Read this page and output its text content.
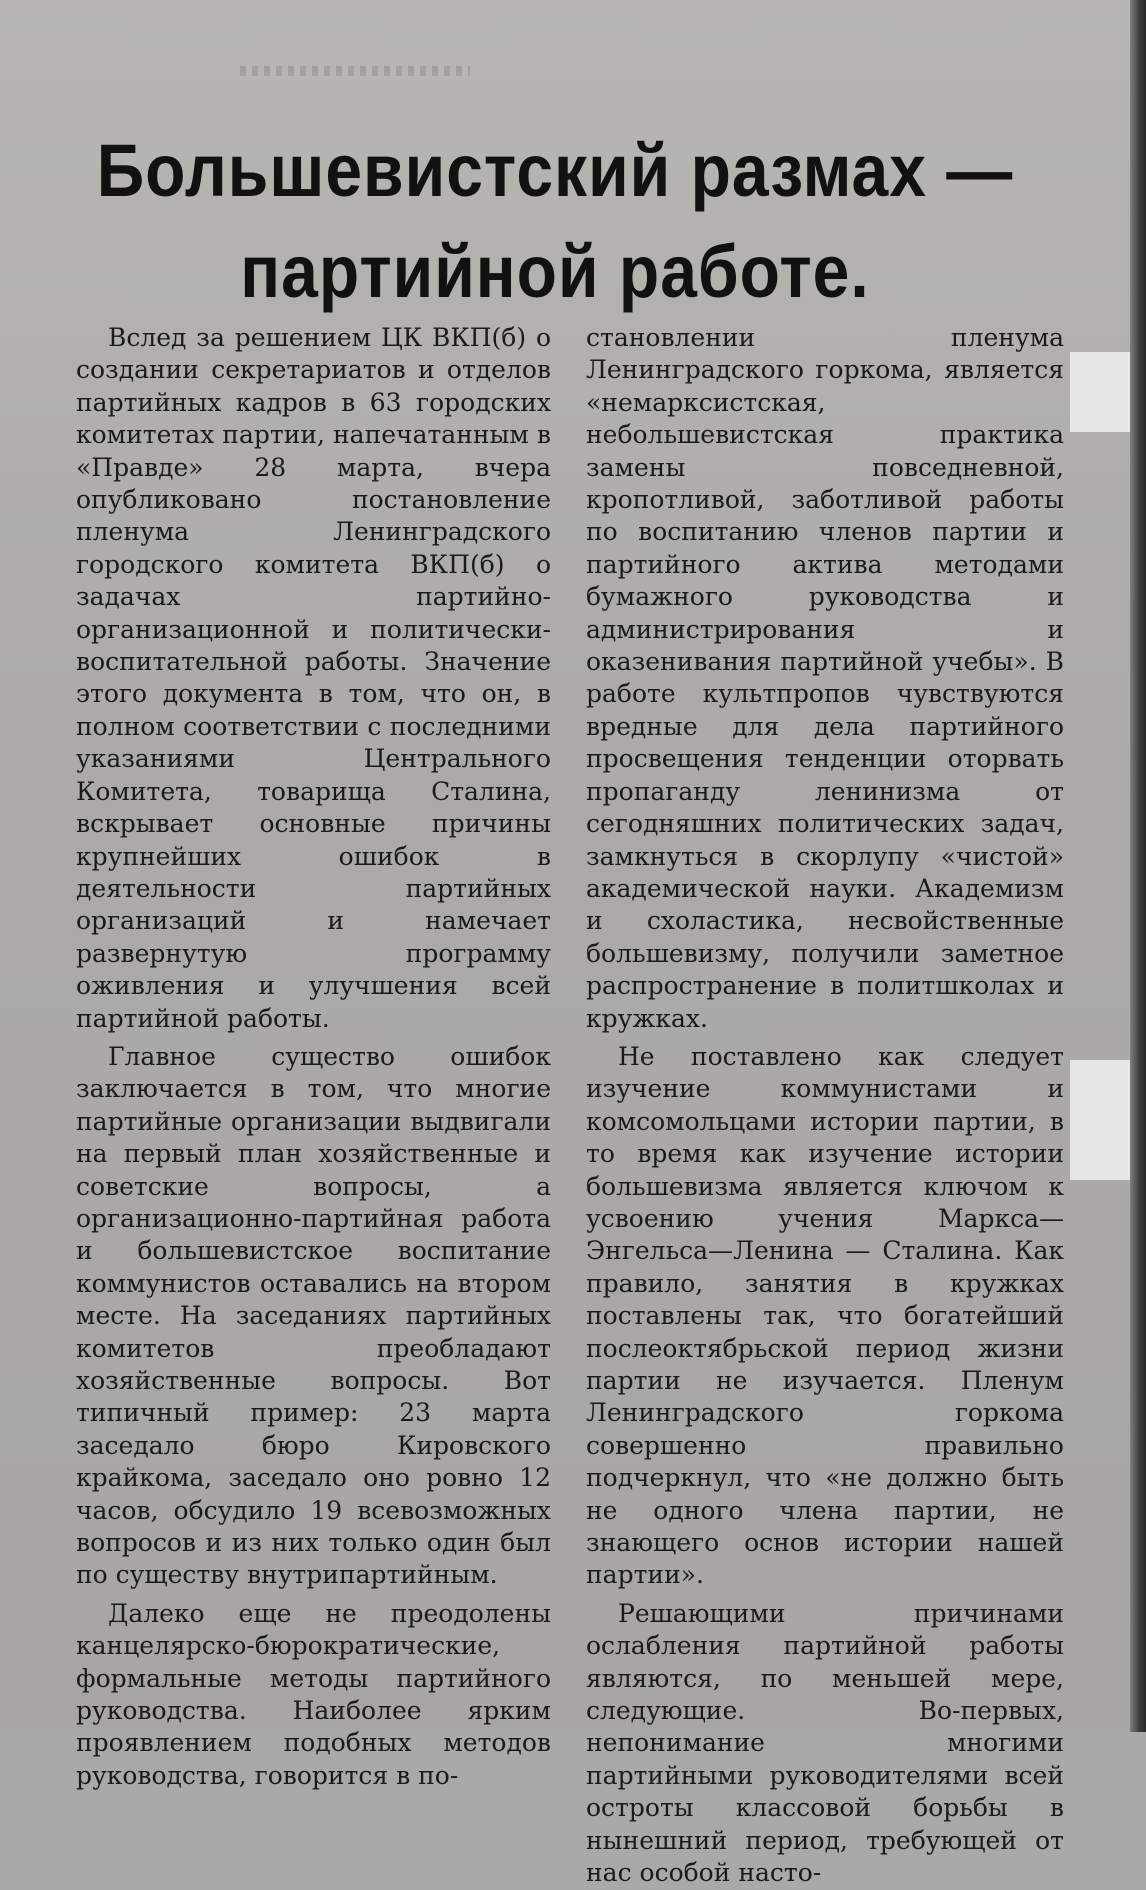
Большевистский размах —
партийной работе.

Вслед за решением ЦК ВКП(б) о создании секретариатов и отделов партийных кадров в 63 городских комитетах партии, напечатанным в «Правде» 28 марта, вчера опубликовано постановление пленума Ленинградского городского комитета ВКП(б) о задачах партийно-организационной и политически-воспитательной работы. Значение этого документа в том, что он, в полном соответствии с последними указаниями Центрального Комитета, товарища Сталина, вскрывает основные причины крупнейших ошибок в деятельности партийных организаций и намечает развернутую программу оживления и улучшения всей партийной работы.

Главное существо ошибок заключается в том, что многие партийные организации выдвигали на первый план хозяйственные и советские вопросы, а организационно-партийная работа и большевистское воспитание коммунистов оставались на втором месте. На заседаниях партийных комитетов преобладают хозяйственные вопросы. Вот типичный пример: 23 марта заседало бюро Кировского крайкома, заседало оно ровно 12 часов, обсудило 19 всевозможных вопросов и из них только один был по существу внутрипартийным.

Далеко еще не преодолены канцелярско-бюрократические, формальные методы партийного руководства. Наиболее ярким проявлением подобных методов руководства, говорится в по-

становлении пленума Ленинградского горкома, является «немарксистская, небольшевистская практика замены повседневной, кропотливой, заботливой работы по воспитанию членов партии и партийного актива методами бумажного руководства и администрирования и оказенивания партийной учебы». В работе культпропов чувствуются вредные для дела партийного просвещения тенденции оторвать пропаганду ленинизма от сегодняшних политических задач, замкнуться в скорлупу «чистой» академической науки. Академизм и схоластика, несвойственные большевизму, получили заметное распространение в политшколах и кружках.

Не поставлено как следует изучение коммунистами и комсомольцами истории партии, в то время как изучение истории большевизма является ключом к усвоению учения Маркса—Энгельса—Ленина — Сталина. Как правило, занятия в кружках поставлены так, что богатейший послеоктябрьской период жизни партии не изучается. Пленум Ленинградского горкома совершенно правильно подчеркнул, что «не должно быть не одного члена партии, не знающего основ истории нашей партии».

Решающими причинами ослабления партийной работы являются, по меньшей мере, следующие. Во-первых, непонимание многими партийными руководителями всей остроты классовой борьбы в нынешний период, требующей от нас особой насто-
